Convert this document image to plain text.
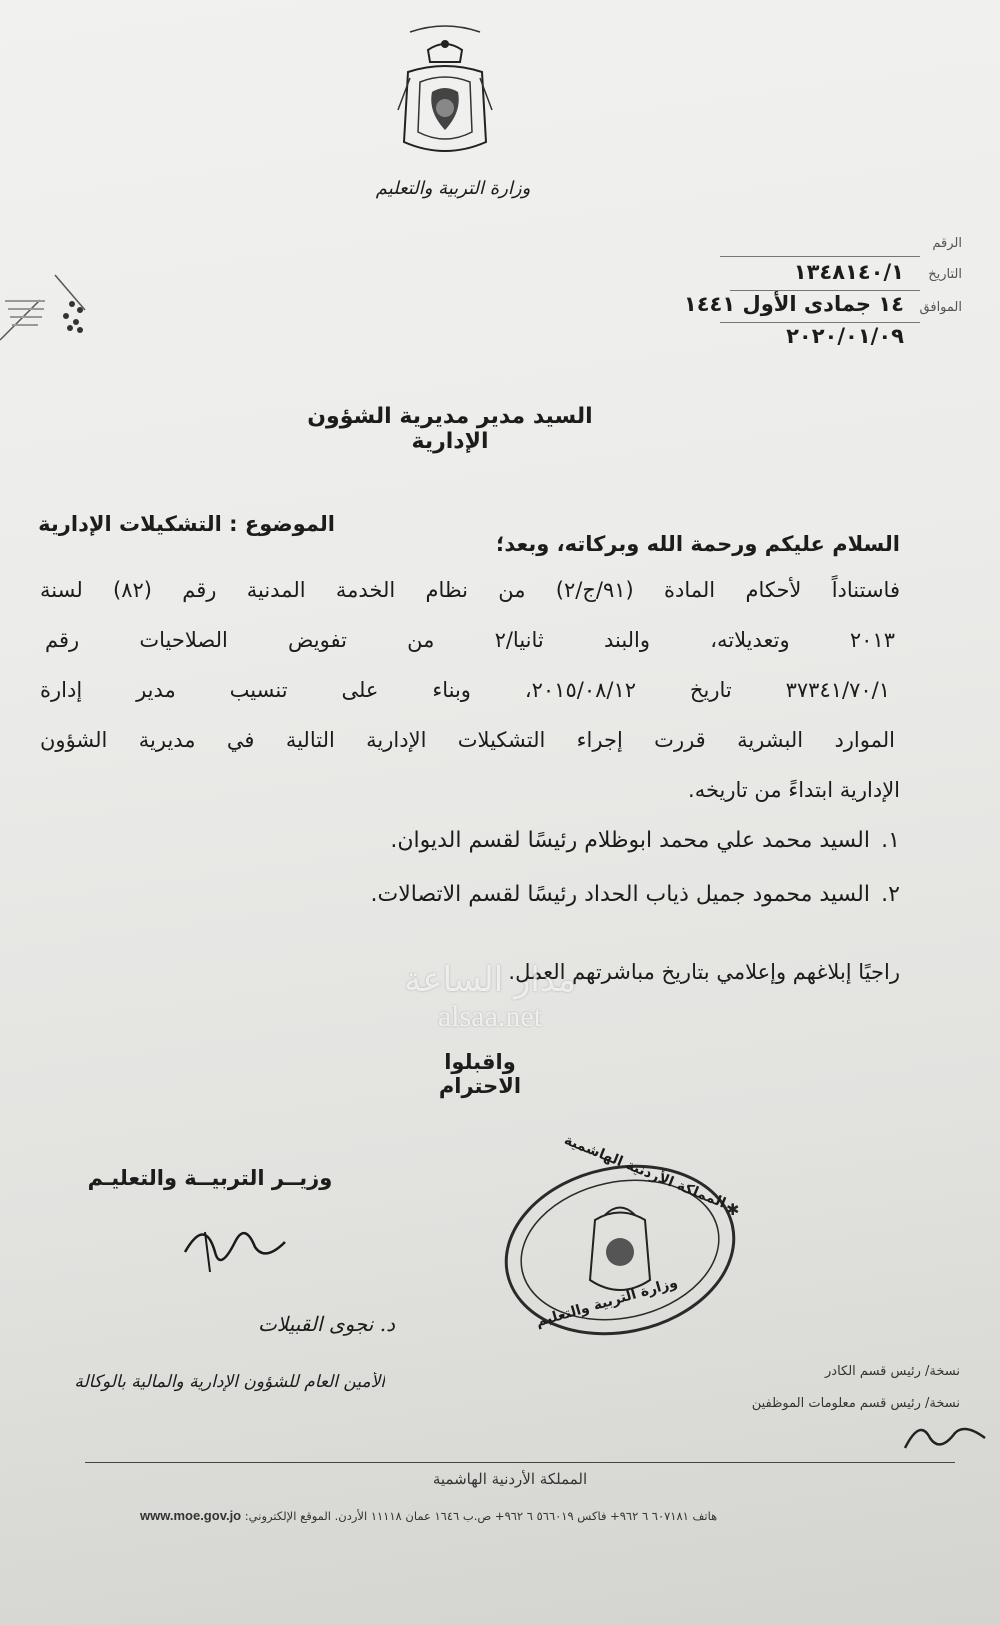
وزارة التربية والتعليم
الرقم
التاريخ
١٣٤٨١٤٠/١
الموافق
١٤ جمادى الأول ١٤٤١
٢٠٢٠/٠١/٠٩
السيد مدير مديرية الشؤون الإدارية
الموضوع : التشكيلات الإدارية
السلام عليكم ورحمة الله وبركاته، وبعد؛
فاستناداً لأحكام المادة (٩١/ج/٢) من نظام الخدمة المدنية رقم (٨٢) لسنة
٢٠١٣ وتعديلاته، والبند ثانيا/٢ من تفويض الصلاحيات رقم
٣٧٣٤١/٧٠/١ تاريخ ٢٠١٥/٠٨/١٢، وبناء على تنسيب مدير إدارة
الموارد البشرية قررت إجراء التشكيلات الإدارية التالية في مديرية الشؤون
الإدارية ابتداءً من تاريخه.
١.
السيد محمد علي محمد ابوظلام رئيسًا لقسم الديوان.
٢.
السيد محمود جميل ذياب الحداد رئيسًا لقسم الاتصالات.
راجيًا إبلاغهم وإعلامي بتاريخ مباشرتهم العمل.
مدار الساعة
alsaa.net
واقبلوا الاحترام
وزيــر التربيــة والتعليـم
د. نجوى القبيلات
الأمين العام للشؤون الإدارية والمالية بالوكالة
✱
المملكة الأردنية الهاشمية
وزارة التربية والتعليم
نسخة/ رئيس قسم الكادر
نسخة/ رئيس قسم معلومات الموظفين
المملكة الأردنية الهاشمية
www.moe.gov.jo هاتف ٦٠٧١٨١ ٦ ٩٦٢+ فاكس ٥٦٦٠١٩ ٦ ٩٦٢+ ص.ب ١٦٤٦ عمان ١١١١٨ الأردن. الموقع الإلكتروني:
